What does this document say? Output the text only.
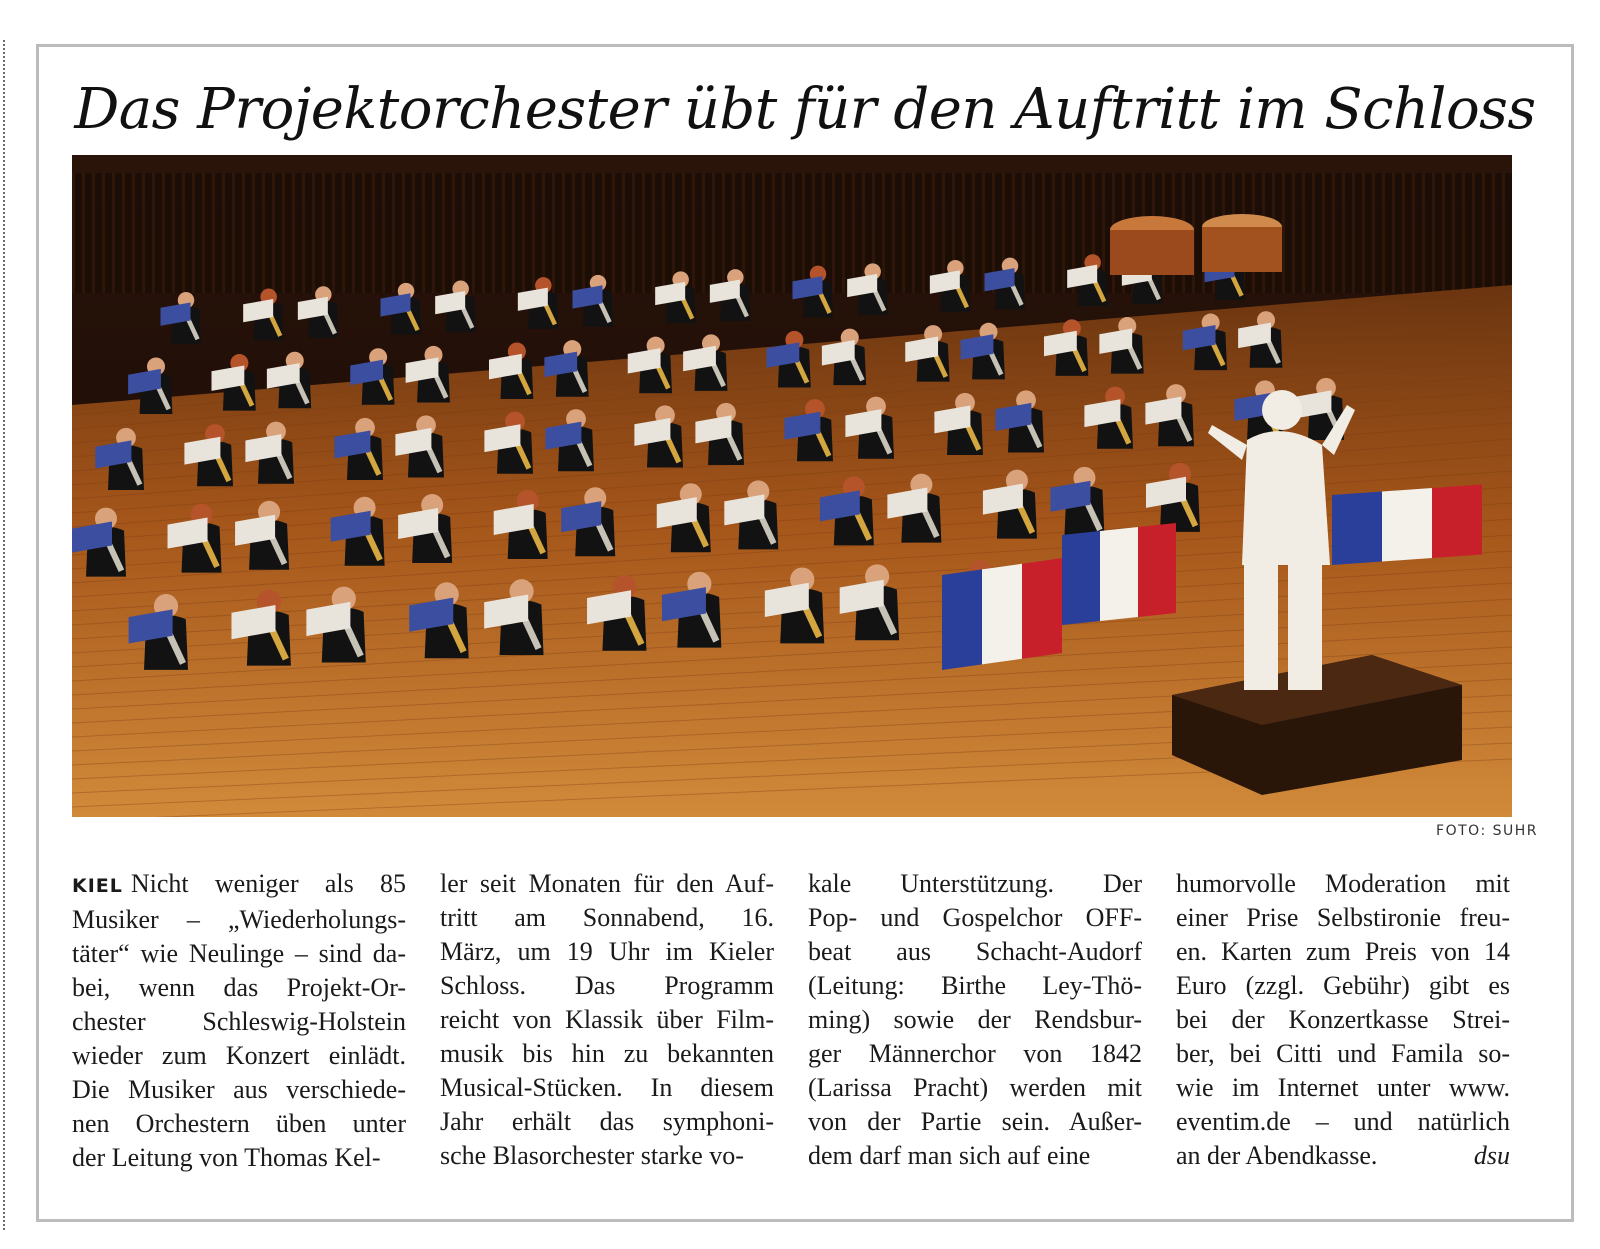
Das Projektorchester übt für den Auftritt im Schloss
FOTO: SUHR
KIEL Nicht weniger als 85
Musiker – „Wiederholungs-
täter“ wie Neulinge – sind da-
bei, wenn das Projekt-Or-
chester Schleswig-Holstein
wieder zum Konzert einlädt.
Die Musiker aus verschiede-
nen Orchestern üben unter
der Leitung von Thomas Kel-
ler seit Monaten für den Auf-
tritt am Sonnabend, 16.
März, um 19 Uhr im Kieler
Schloss. Das Programm
reicht von Klassik über Film-
musik bis hin zu bekannten
Musical-Stücken. In diesem
Jahr erhält das symphoni-
sche Blasorchester starke vo-
kale Unterstützung. Der
Pop- und Gospelchor OFF-
beat aus Schacht-Audorf
(Leitung: Birthe Ley-Thö-
ming) sowie der Rendsbur-
ger Männerchor von 1842
(Larissa Pracht) werden mit
von der Partie sein. Außer-
dem darf man sich auf eine
humorvolle Moderation mit
einer Prise Selbstironie freu-
en. Karten zum Preis von 14
Euro (zzgl. Gebühr) gibt es
bei der Konzertkasse Strei-
ber, bei Citti und Famila so-
wie im Internet unter www.
eventim.de – und natürlich
an der Abendkasse.	dsu
